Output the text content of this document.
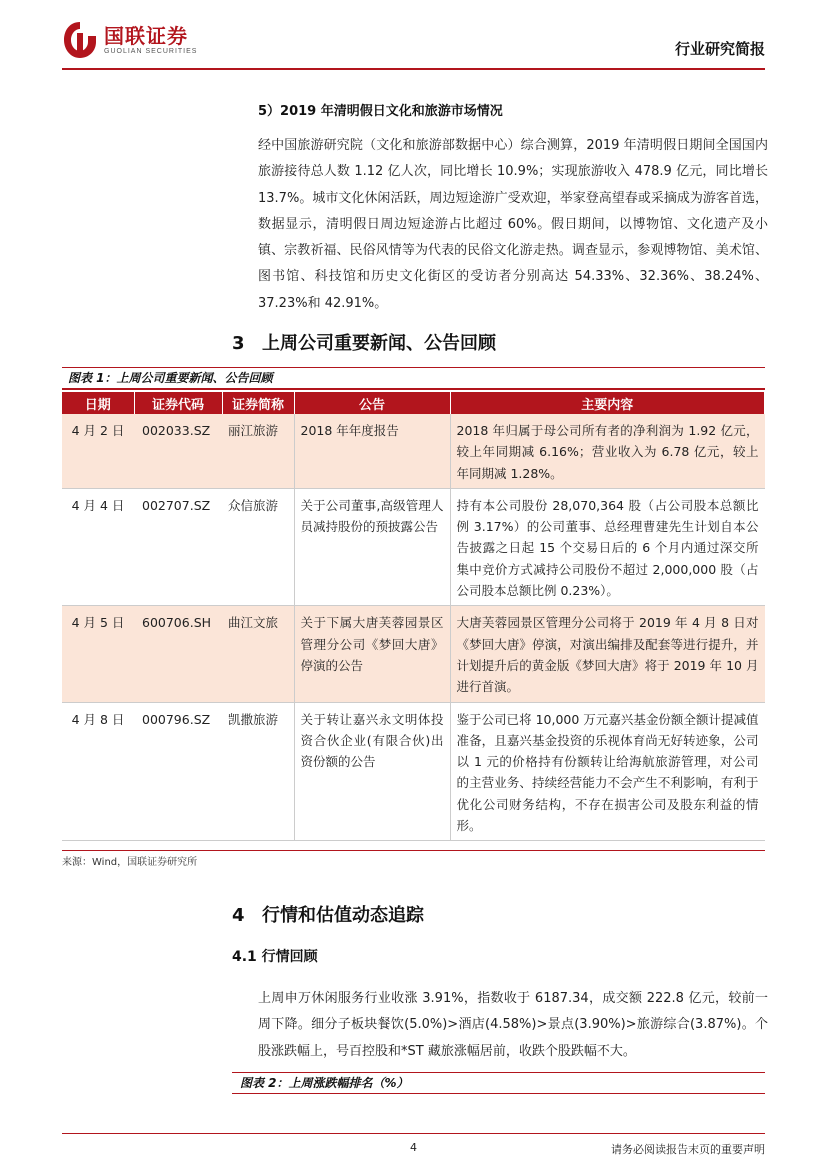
国联证券
GUOLIAN SECURITIES	行业研究简报
5）2019 年清明假日文化和旅游市场情况

经中国旅游研究院（文化和旅游部数据中心）综合测算，2019 年清明假日期间全国国内旅游接待总人数 1.12 亿人次，同比增长 10.9%；实现旅游收入 478.9 亿元，同比增长 13.7%。城市文化休闲活跃，周边短途游广受欢迎，举家登高望春或采摘成为游客首选，数据显示，清明假日周边短途游占比超过 60%。假日期间，以博物馆、文化遗产及小镇、宗教祈福、民俗风情等为代表的民俗文化游走热。调查显示，参观博物馆、美术馆、图书馆、科技馆和历史文化街区的受访者分别高达 54.33%、32.36%、38.24%、37.23%和 42.91%。

3 上周公司重要新闻、公告回顾
图表 1：上周公司重要新闻、公告回顾
日期	证券代码	证券简称	公告	主要内容
4 月 2 日	002033.SZ	丽江旅游	2018 年年度报告	2018 年归属于母公司所有者的净利润为 1.92 亿元，较上年同期减 6.16%；营业收入为 6.78 亿元，较上年同期减 1.28%。
4 月 4 日	002707.SZ	众信旅游	关于公司董事,高级管理人员减持股份的预披露公告	持有本公司股份 28,070,364 股（占公司股本总额比例 3.17%）的公司董事、总经理曹建先生计划自本公告披露之日起 15 个交易日后的 6 个月内通过深交所集中竞价方式减持公司股份不超过 2,000,000 股（占公司股本总额比例 0.23%）。
4 月 5 日	600706.SH	曲江文旅	关于下属大唐芙蓉园景区管理分公司《梦回大唐》停演的公告	大唐芙蓉园景区管理分公司将于 2019 年 4 月 8 日对《梦回大唐》停演，对演出编排及配套等进行提升，并计划提升后的黄金版《梦回大唐》将于 2019 年 10 月进行首演。
4 月 8 日	000796.SZ	凯撒旅游	关于转让嘉兴永文明体投资合伙企业(有限合伙)出资份额的公告	鉴于公司已将 10,000 万元嘉兴基金份额全额计提减值准备，且嘉兴基金投资的乐视体育尚无好转迹象，公司以 1 元的价格持有份额转让给海航旅游管理，对公司的主营业务、持续经营能力不会产生不利影响，有利于优化公司财务结构，不存在损害公司及股东利益的情形。
来源：Wind，国联证券研究所
4 行情和估值动态追踪
4.1 行情回顾

上周申万休闲服务行业收涨 3.91%，指数收于 6187.34，成交额 222.8 亿元，较前一周下降。细分子板块餐饮(5.0%)>酒店(4.58%)>景点(3.90%)>旅游综合(3.87%)。个股涨跌幅上，号百控股和*ST 藏旅涨幅居前，收跌个股跌幅不大。

图表 2：上周涨跌幅排名（%）
4	请务必阅读报告末页的重要声明
